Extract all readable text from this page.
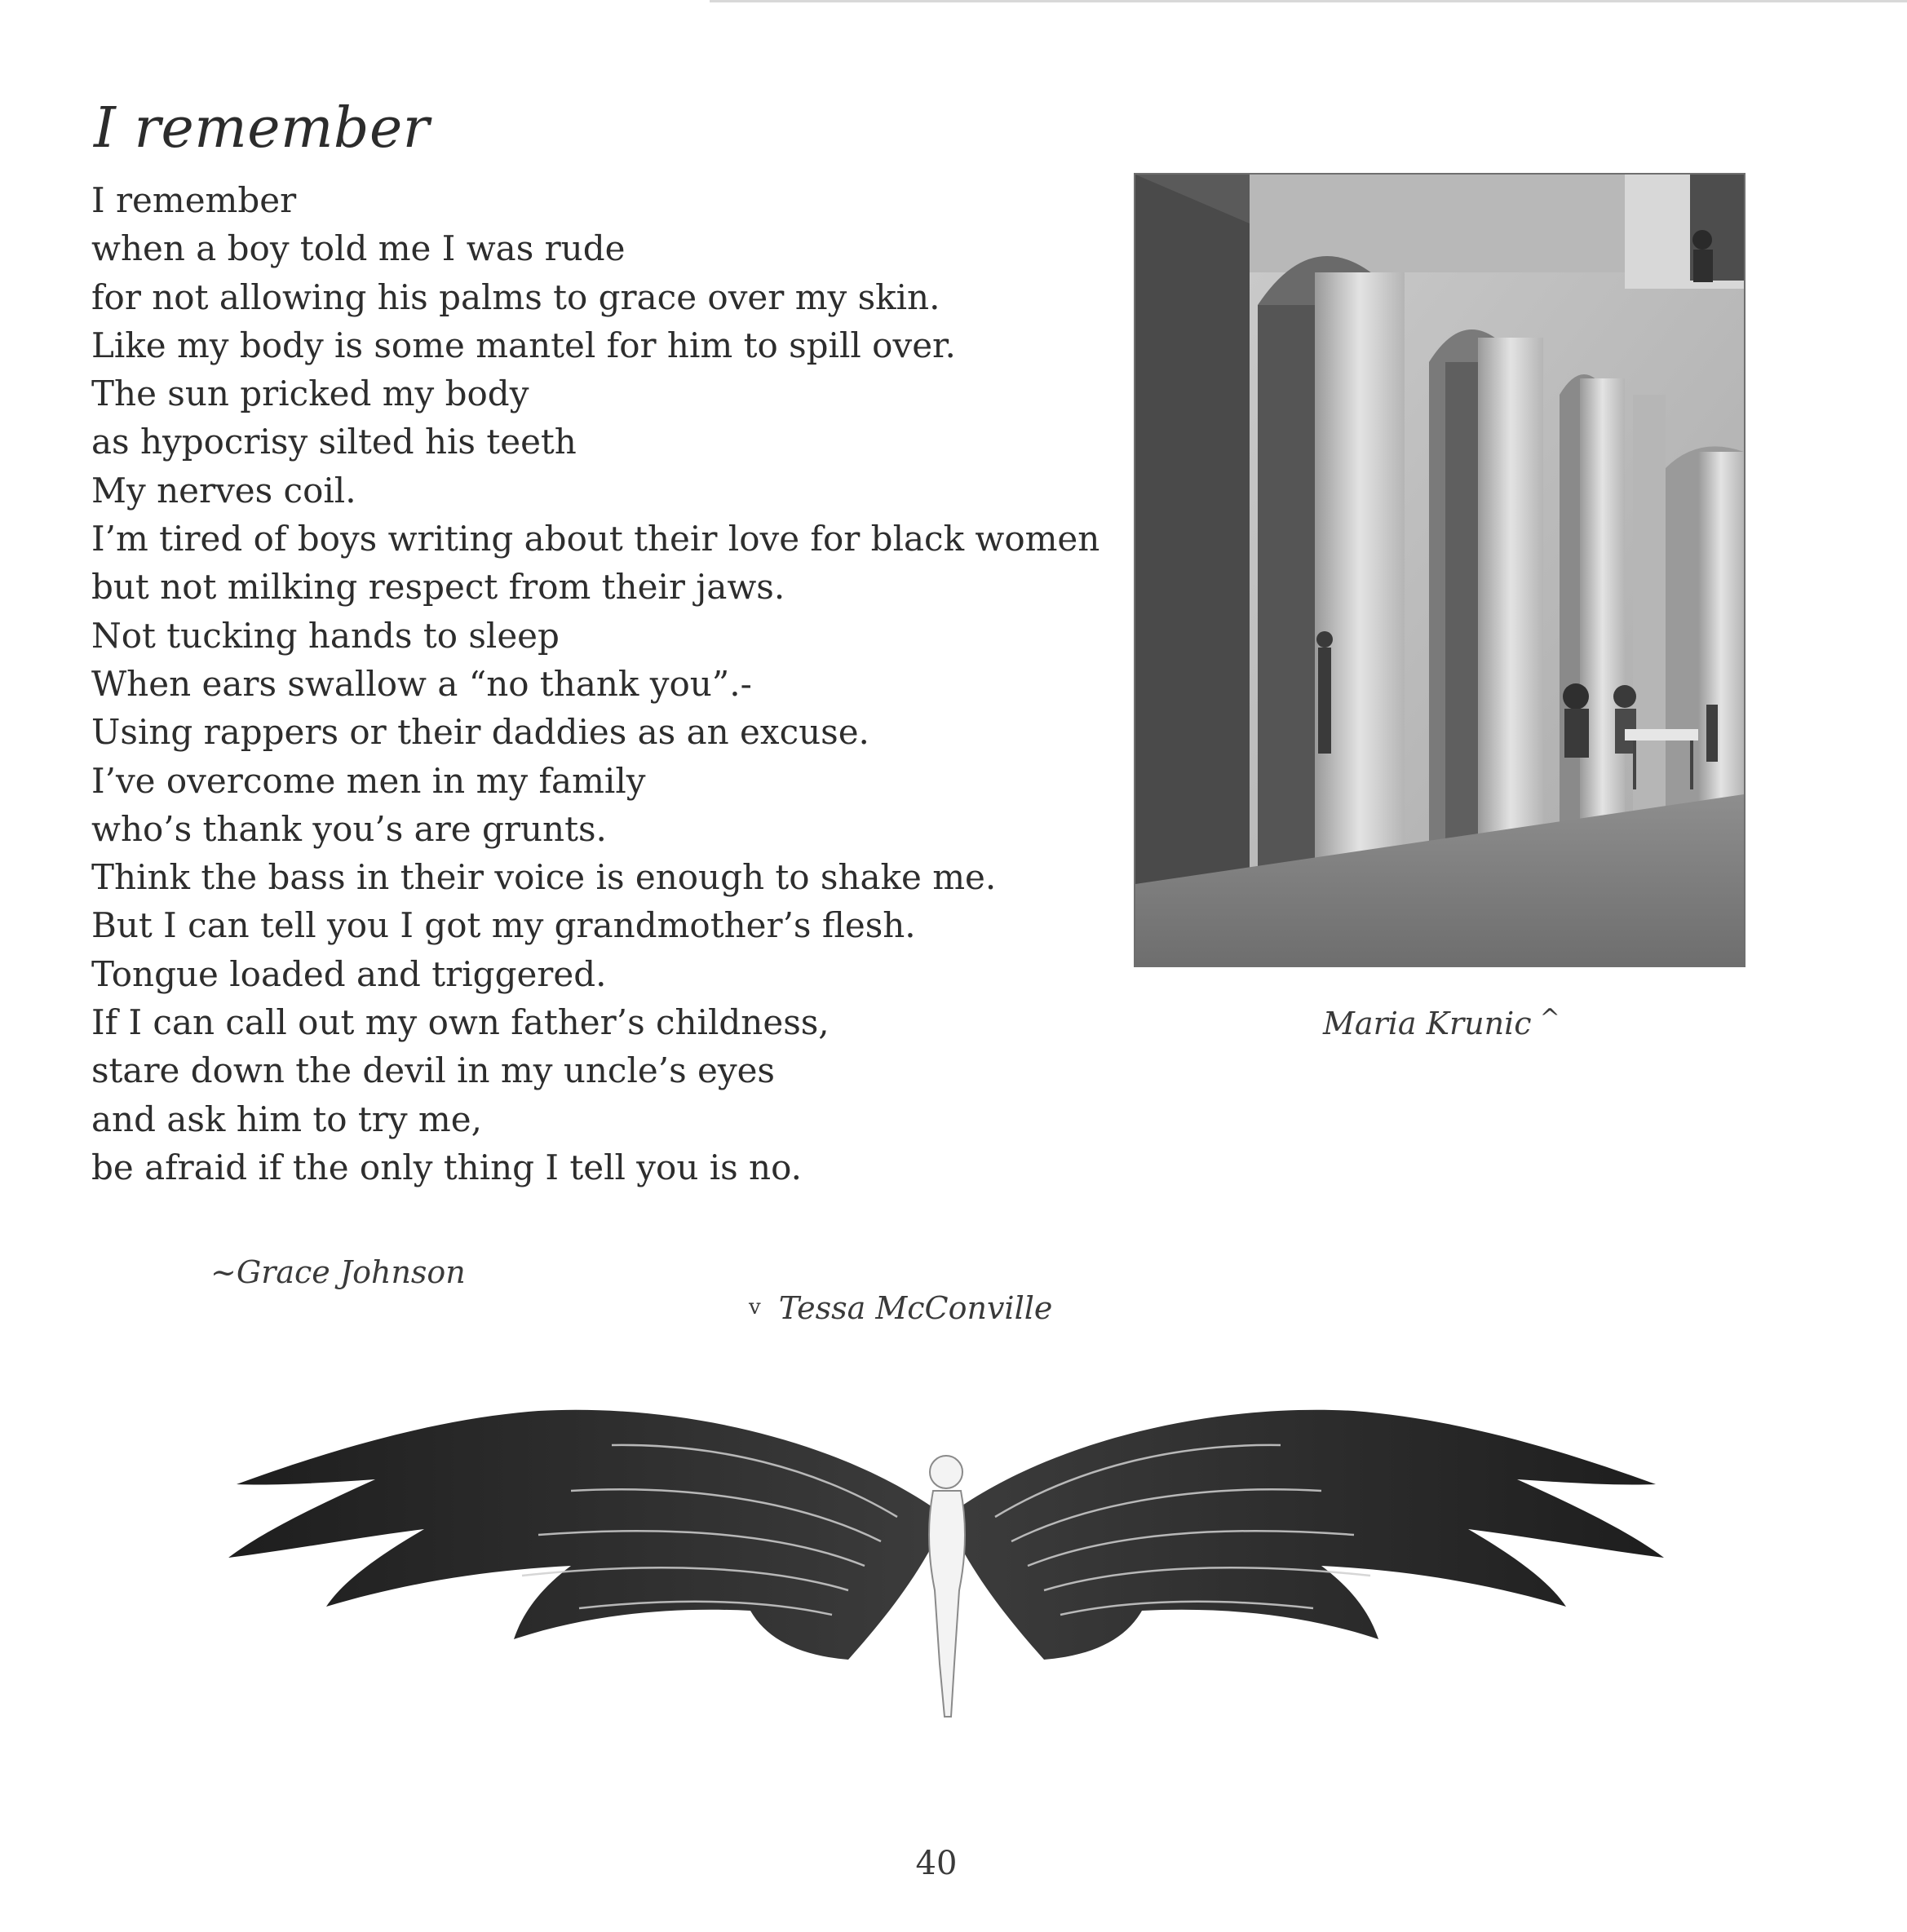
I remember
I remember
when a boy told me I was rude
for not allowing his palms to grace over my skin.
Like my body is some mantel for him to spill over.
The sun pricked my body
as hypocrisy silted his teeth
My nerves coil.
I’m tired of boys writing about their love for black women
but not milking respect from their jaws.
Not tucking hands to sleep
When ears swallow a “no thank you”.-
Using rappers or their daddies as an excuse.
I’ve overcome men in my family
who’s thank you’s are grunts.
Think the bass in their voice is enough to shake me.
But I can tell you I got my grandmother’s flesh.
Tongue loaded and triggered.
If I can call out my own father’s childness,
stare down the devil in my uncle’s eyes
and ask him to try me,
be afraid if the only thing I tell you is no.
~Grace Johnson
Maria Krunic ^
v Tessa McConville
40
